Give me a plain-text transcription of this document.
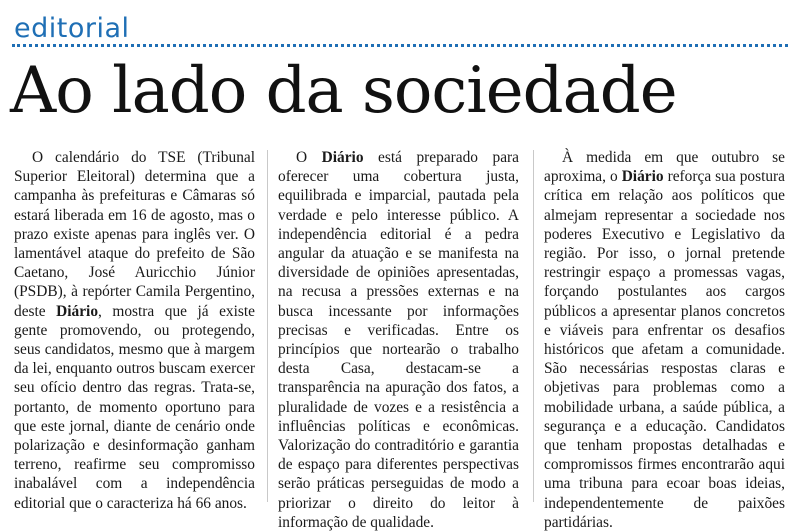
editorial
Ao lado da sociedade

O calendário do TSE (Tribunal Superior Eleitoral) determina que a campanha às prefeituras e Câmaras só estará liberada em 16 de agosto, mas o prazo existe apenas para inglês ver. O lamentável ataque do prefeito de São Caetano, José Auricchio Júnior (PSDB), à repórter Camila Pergentino, deste Diário, mostra que já existe gente promovendo, ou protegendo, seus candidatos, mesmo que à margem da lei, enquanto outros buscam exercer seu ofício dentro das regras. Trata-se, portanto, de momento oportuno para que este jornal, diante de cenário onde polarização e desinformação ganham terreno, reafirme seu compromisso inabalável com a independência editorial que o caracteriza há 66 anos.

O Diário está preparado para oferecer uma cobertura justa, equilibrada e imparcial, pautada pela verdade e pelo interesse público. A independência editorial é a pedra angular da atuação e se manifesta na diversidade de opiniões apresentadas, na recusa a pressões externas e na busca incessante por informações precisas e verificadas. Entre os princípios que nortearão o trabalho desta Casa, destacam-se a transparência na apuração dos fatos, a pluralidade de vozes e a resistência a influências políticas e econômicas. Valorização do contraditório e garantia de espaço para diferentes perspectivas serão práticas perseguidas de modo a priorizar o direito do leitor à informação de qualidade.

À medida em que outubro se aproxima, o Diário reforça sua postura crítica em relação aos políticos que almejam representar a sociedade nos poderes Executivo e Legislativo da região. Por isso, o jornal pretende restringir espaço a promessas vagas, forçando postulantes aos cargos públicos a apresentar planos concretos e viáveis para enfrentar os desafios históricos que afetam a comunidade. São necessárias respostas claras e objetivas para problemas como a mobilidade urbana, a saúde pública, a segurança e a educação. Candidatos que tenham propostas detalhadas e compromissos firmes encontrarão aqui uma tribuna para ecoar boas ideias, independentemente de paixões partidárias.
